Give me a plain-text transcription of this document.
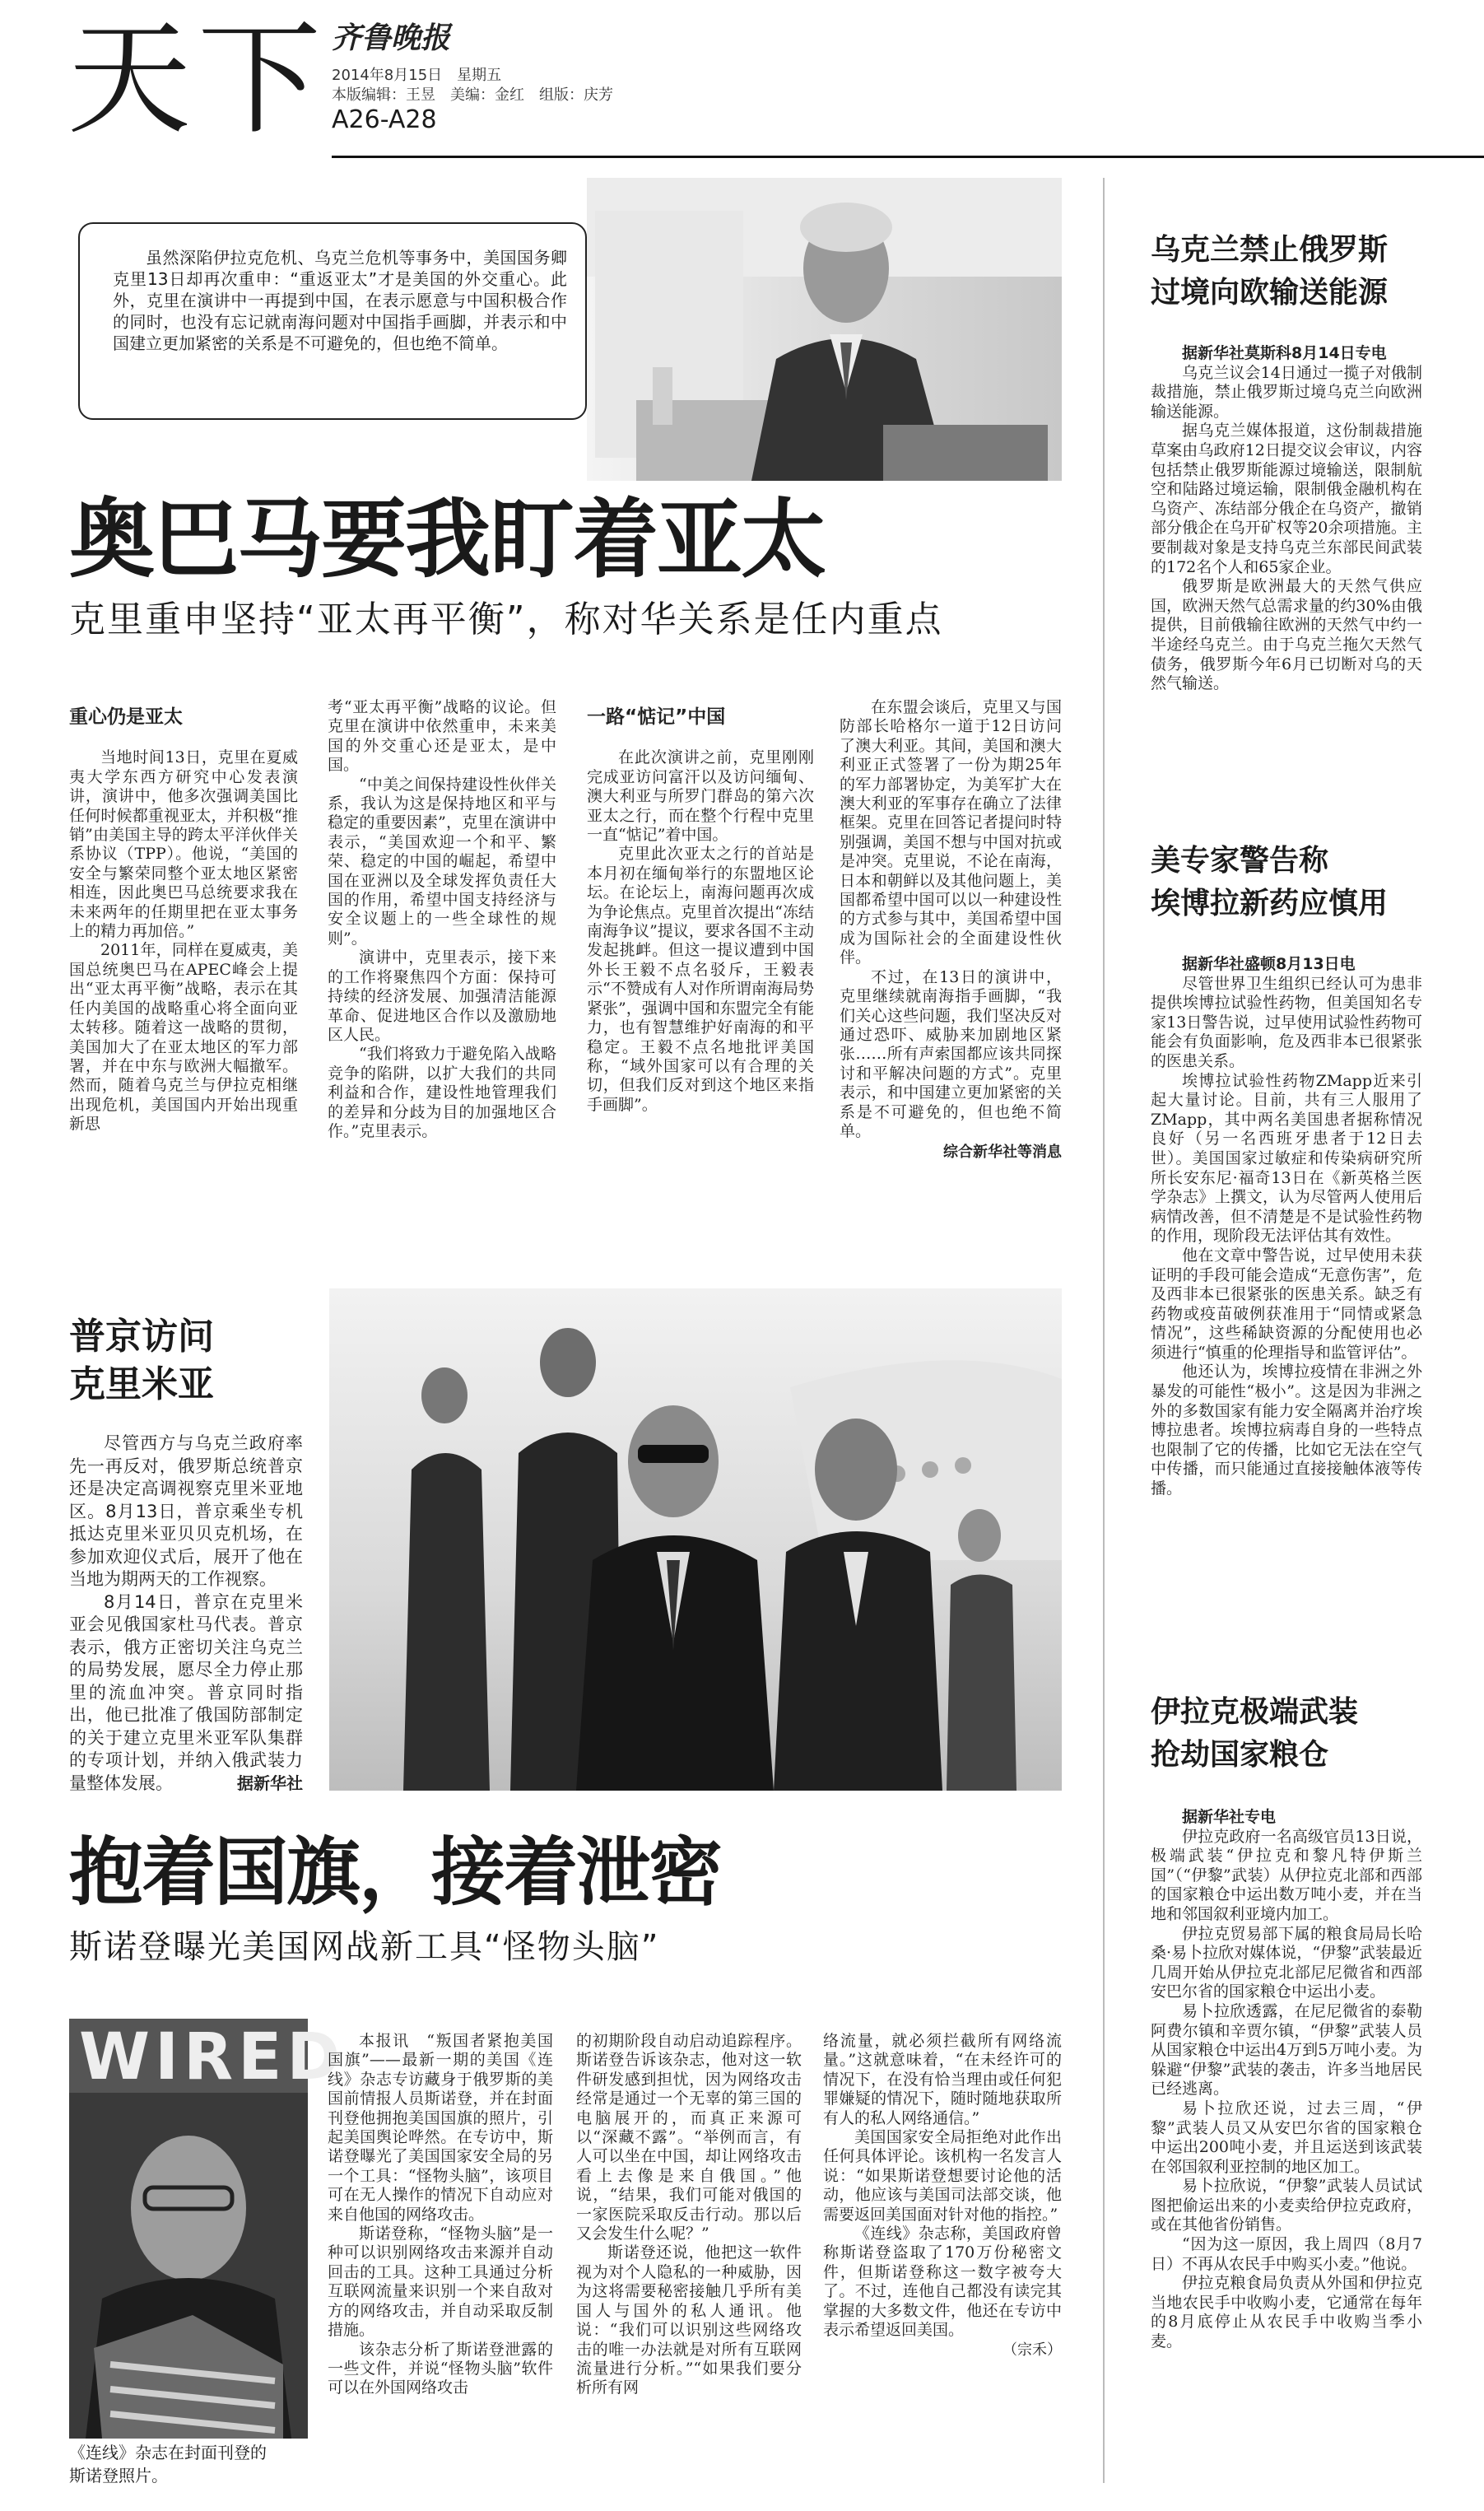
天下 齐鲁晚报
2014年8月15日　星期五
本版编辑：王昱　美编：金红　组版：庆芳
A26-A28
虽然深陷伊拉克危机、乌克兰危机等事务中，美国国务卿克里13日却再次重申：“重返亚太”才是美国的外交重心。此外，克里在演讲中一再提到中国，在表示愿意与中国积极合作的同时，也没有忘记就南海问题对中国指手画脚，并表示和中国建立更加紧密的关系是不可避免的，但也绝不简单。
奥巴马要我盯着亚太
克里重申坚持“亚太再平衡”，称对华关系是任内重点
重心仍是亚太

当地时间13日，克里在夏威夷大学东西方研究中心发表演讲，演讲中，他多次强调美国比任何时候都重视亚太，并积极“推销”由美国主导的跨太平洋伙伴关系协议（TPP）。他说，“美国的安全与繁荣同整个亚太地区紧密相连，因此奥巴马总统要求我在未来两年的任期里把在亚太事务上的精力再加倍。”

2011年，同样在夏威夷，美国总统奥巴马在APEC峰会上提出“亚太再平衡”战略，表示在其任内美国的战略重心将全面向亚太转移。随着这一战略的贯彻，美国加大了在亚太地区的军力部署，并在中东与欧洲大幅撤军。然而，随着乌克兰与伊拉克相继出现危机，美国国内开始出现重新思

考“亚太再平衡”战略的议论。但克里在演讲中依然重申，未来美国的外交重心还是亚太，是中国。

“中美之间保持建设性伙伴关系，我认为这是保持地区和平与稳定的重要因素”，克里在演讲中表示，“美国欢迎一个和平、繁荣、稳定的中国的崛起，希望中国在亚洲以及全球发挥负责任大国的作用，希望中国支持经济与安全议题上的一些全球性的规则”。

演讲中，克里表示，接下来的工作将聚焦四个方面：保持可持续的经济发展、加强清洁能源革命、促进地区合作以及激励地区人民。

“我们将致力于避免陷入战略竞争的陷阱，以扩大我们的共同利益和合作，建设性地管理我们的差异和分歧为目的加强地区合作。”克里表示。

一路“惦记”中国

在此次演讲之前，克里刚刚完成亚访问富汗以及访问缅甸、澳大利亚与所罗门群岛的第六次亚太之行，而在整个行程中克里一直“惦记”着中国。

克里此次亚太之行的首站是本月初在缅甸举行的东盟地区论坛。在论坛上，南海问题再次成为争论焦点。克里首次提出“冻结南海争议”提议，要求各国不主动发起挑衅。但这一提议遭到中国外长王毅不点名驳斥，王毅表示“不赞成有人对作所谓南海局势紧张”，强调中国和东盟完全有能力，也有智慧维护好南海的和平稳定。王毅不点名地批评美国称，“域外国家可以有合理的关切，但我们反对到这个地区来指手画脚”。

在东盟会谈后，克里又与国防部长哈格尔一道于12日访问了澳大利亚。其间，美国和澳大利亚正式签署了一份为期25年的军力部署协定，为美军扩大在澳大利亚的军事存在确立了法律框架。克里在回答记者提问时特别强调，美国不想与中国对抗或是冲突。克里说，不论在南海，日本和朝鲜以及其他问题上，美国都希望中国可以以一种建设性的方式参与其中，美国希望中国成为国际社会的全面建设性伙伴。

不过，在13日的演讲中，克里继续就南海指手画脚，“我们关心这些问题，我们坚决反对通过恐吓、威胁来加剧地区紧张……所有声索国都应该共同探讨和平解决问题的方式”。克里表示，和中国建立更加紧密的关系是不可避免的，但也绝不简单。

综合新华社等消息
普京访问
克里米亚

尽管西方与乌克兰政府率先一再反对，俄罗斯总统普京还是决定高调视察克里米亚地区。8月13日，普京乘坐专机抵达克里米亚贝贝克机场，在参加欢迎仪式后，展开了他在当地为期两天的工作视察。

8月14日，普京在克里米亚会见俄国家杜马代表。普京表示，俄方正密切关注乌克兰的局势发展，愿尽全力停止那里的流血冲突。普京同时指出，他已批准了俄国防部制定的关于建立克里米亚军队集群的专项计划，并纳入俄武装力量整体发展。	据新华社
抱着国旗，接着泄密
斯诺登曝光美国网战新工具“怪物头脑”
WIRED
《连线》杂志在封面刊登的
斯诺登照片。

本报讯　“叛国者紧抱美国国旗”——最新一期的美国《连线》杂志专访藏身于俄罗斯的美国前情报人员斯诺登，并在封面刊登他拥抱美国国旗的照片，引起美国舆论哗然。在专访中，斯诺登曝光了美国国家安全局的另一个工具：“怪物头脑”，该项目可在无人操作的情况下自动应对来自他国的网络攻击。

斯诺登称，“怪物头脑”是一种可以识别网络攻击来源并自动回击的工具。这种工具通过分析互联网流量来识别一个来自敌对方的网络攻击，并自动采取反制措施。

该杂志分析了斯诺登泄露的一些文件，并说“怪物头脑”软件可以在外国网络攻击

的初期阶段自动启动追踪程序。斯诺登告诉该杂志，他对这一软件研发感到担忧，因为网络攻击经常是通过一个无辜的第三国的电脑展开的，而真正来源可以“深藏不露”。“举例而言，有人可以坐在中国，却让网络攻击看上去像是来自俄国。”他说，“结果，我们可能对俄国的一家医院采取反击行动。那以后又会发生什么呢？”

斯诺登还说，他把这一软件视为对个人隐私的一种威胁，因为这将需要秘密接触几乎所有美国人与国外的私人通讯。他说：“我们可以识别这些网络攻击的唯一办法就是对所有互联网流量进行分析。”“如果我们要分析所有网

络流量，就必须拦截所有网络流量。”这就意味着，“在未经许可的情况下，在没有恰当理由或任何犯罪嫌疑的情况下，随时随地获取所有人的私人网络通信。”

美国国家安全局拒绝对此作出任何具体评论。该机构一名发言人说：“如果斯诺登想要讨论他的活动，他应该与美国司法部交谈，他需要返回美国面对针对他的指控。”

《连线》杂志称，美国政府曾称斯诺登盗取了170万份秘密文件，但斯诺登称这一数字被夸大了。不过，连他自己都没有读完其掌握的大多数文件，他还在专访中表示希望返回美国。

（宗禾）
乌克兰禁止俄罗斯
过境向欧输送能源

据新华社莫斯科8月14日专电

乌克兰议会14日通过一揽子对俄制裁措施，禁止俄罗斯过境乌克兰向欧洲输送能源。

据乌克兰媒体报道，这份制裁措施草案由乌政府12日提交议会审议，内容包括禁止俄罗斯能源过境输送，限制航空和陆路过境运输，限制俄金融机构在乌资产、冻结部分俄企在乌资产，撤销部分俄企在乌开矿权等20余项措施。主要制裁对象是支持乌克兰东部民间武装的172名个人和65家企业。

俄罗斯是欧洲最大的天然气供应国，欧洲天然气总需求量的约30%由俄提供，目前俄输往欧洲的天然气中约一半途经乌克兰。由于乌克兰拖欠天然气债务，俄罗斯今年6月已切断对乌的天然气输送。

美专家警告称
埃博拉新药应慎用

据新华社盛顿8月13日电

尽管世界卫生组织已经认可为患非提供埃博拉试验性药物，但美国知名专家13日警告说，过早使用试验性药物可能会有负面影响，危及西非本已很紧张的医患关系。

埃博拉试验性药物ZMapp近来引起大量讨论。目前，共有三人服用了ZMapp，其中两名美国患者据称情况良好（另一名西班牙患者于12日去世）。美国国家过敏症和传染病研究所所长安东尼·福奇13日在《新英格兰医学杂志》上撰文，认为尽管两人使用后病情改善，但不清楚是不是试验性药物的作用，现阶段无法评估其有效性。

他在文章中警告说，过早使用未获证明的手段可能会造成“无意伤害”，危及西非本已很紧张的医患关系。缺乏有药物或疫苗破例获准用于“同情或紧急情况”，这些稀缺资源的分配使用也必须进行“慎重的伦理指导和监管评估”。

他还认为，埃博拉疫情在非洲之外暴发的可能性“极小”。这是因为非洲之外的多数国家有能力安全隔离并治疗埃博拉患者。埃博拉病毒自身的一些特点也限制了它的传播，比如它无法在空气中传播，而只能通过直接接触体液等传播。

伊拉克极端武装
抢劫国家粮仓

据新华社专电

伊拉克政府一名高级官员13日说，极端武装“伊拉克和黎凡特伊斯兰国”（“伊黎”武装）从伊拉克北部和西部的国家粮仓中运出数万吨小麦，并在当地和邻国叙利亚境内加工。

伊拉克贸易部下属的粮食局局长哈桑·易卜拉欣对媒体说，“伊黎”武装最近几周开始从伊拉克北部尼尼微省和西部安巴尔省的国家粮仓中运出小麦。

易卜拉欣透露，在尼尼微省的泰勒阿费尔镇和辛贾尔镇，“伊黎”武装人员从国家粮仓中运出4万到5万吨小麦。为躲避“伊黎”武装的袭击，许多当地居民已经逃离。

易卜拉欣还说，过去三周，“伊黎”武装人员又从安巴尔省的国家粮仓中运出200吨小麦，并且运送到该武装在邻国叙利亚控制的地区加工。

易卜拉欣说，“伊黎”武装人员试试图把偷运出来的小麦卖给伊拉克政府，或在其他省份销售。

“因为这一原因，我上周四（8月7日）不再从农民手中购买小麦。”他说。

伊拉克粮食局负责从外国和伊拉克当地农民手中收购小麦，它通常在每年的8月底停止从农民手中收购当季小麦。
